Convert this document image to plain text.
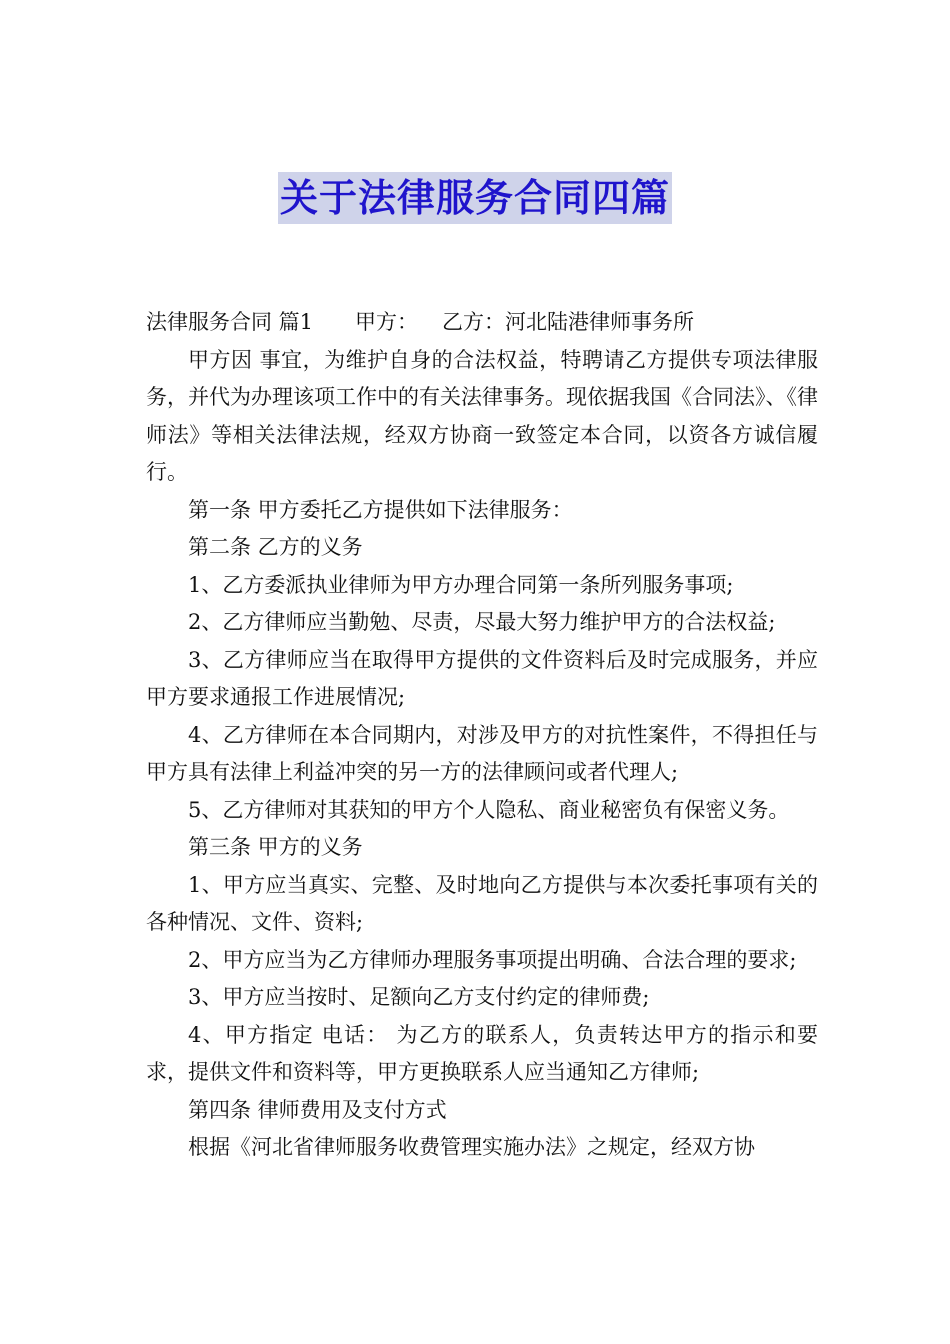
关于法律服务合同四篇

法律服务合同 篇1 甲方： 乙方：河北陆港律师事务所

甲方因 事宜，为维护自身的合法权益，特聘请乙方提供专项法律服务，并代为办理该项工作中的有关法律事务。现依据我国《合同法》、《律师法》等相关法律法规，经双方协商一致签定本合同，以资各方诚信履行。

第一条 甲方委托乙方提供如下法律服务：

第二条 乙方的义务

1、乙方委派执业律师为甲方办理合同第一条所列服务事项;

2、乙方律师应当勤勉、尽责，尽最大努力维护甲方的合法权益;

3、乙方律师应当在取得甲方提供的文件资料后及时完成服务，并应甲方要求通报工作进展情况;

4、乙方律师在本合同期内，对涉及甲方的对抗性案件，不得担任与甲方具有法律上利益冲突的另一方的法律顾问或者代理人;

5、乙方律师对其获知的甲方个人隐私、商业秘密负有保密义务。

第三条 甲方的义务

1、甲方应当真实、完整、及时地向乙方提供与本次委托事项有关的各种情况、文件、资料;

2、甲方应当为乙方律师办理服务事项提出明确、合法合理的要求;

3、甲方应当按时、足额向乙方支付约定的律师费;

4、甲方指定 电话： 为乙方的联系人，负责转达甲方的指示和要求，提供文件和资料等，甲方更换联系人应当通知乙方律师;

第四条 律师费用及支付方式

根据《河北省律师服务收费管理实施办法》之规定，经双方协
